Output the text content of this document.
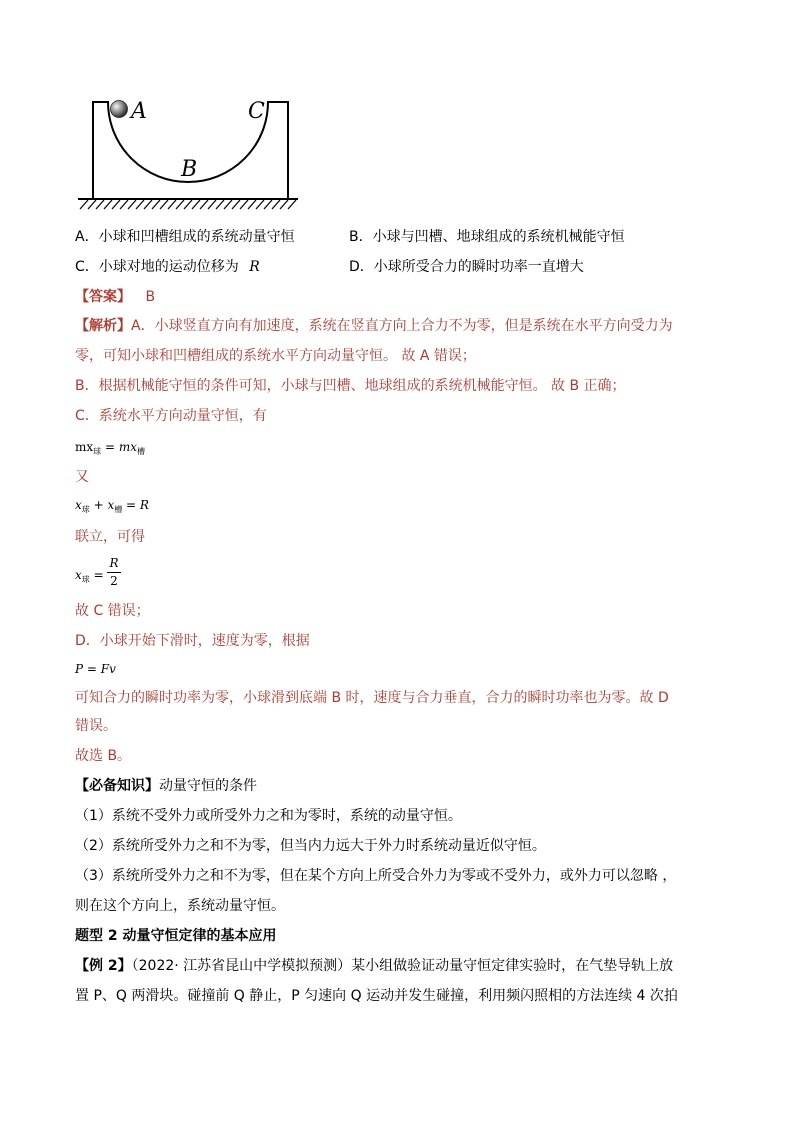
A	C
B
A．小球和凹槽组成的系统动量守恒	B．小球与凹槽、地球组成的系统机械能守恒
C．小球对地的运动位移为 R	D．小球所受合力的瞬时功率一直增大
【答案】 B
【解析】A．小球竖直方向有加速度，系统在竖直方向上合力不为零，但是系统在水平方向受力为
零，可知小球和凹槽组成的系统水平方向动量守恒。 故 A 错误；
B．根据机械能守恒的条件可知，小球与凹槽、地球组成的系统机械能守恒。 故 B 正确；
C．系统水平方向动量守恒，有
$mx_球 = mx_槽$
又
$x_球 + x_槽 = R$
联立，可得
$x_球$ =
R
2
故 C 错误；
D．小球开始下滑时，速度为零，根据
P = Fv
可知合力的瞬时功率为零，小球滑到底端 B 时，速度与合力垂直，合力的瞬时功率也为零。故 D
错误。
故选 B。
【必备知识】动量守恒的条件
（1）系统不受外力或所受外力之和为零时，系统的动量守恒。
（2）系统所受外力之和不为零，但当内力远大于外力时系统动量近似守恒。
（3）系统所受外力之和不为零，但在某个方向上所受合外力为零或不受外力，或外力可以忽略 ，
则在这个方向上，系统动量守恒。
题型 2 动量守恒定律的基本应用
【例 2】（2022· 江苏省昆山中学模拟预测）某小组做验证动量守恒定律实验时，在气垫导轨上放
置 P、Q 两滑块。碰撞前 Q 静止，P 匀速向 Q 运动并发生碰撞，利用频闪照相的方法连续 4 次拍
